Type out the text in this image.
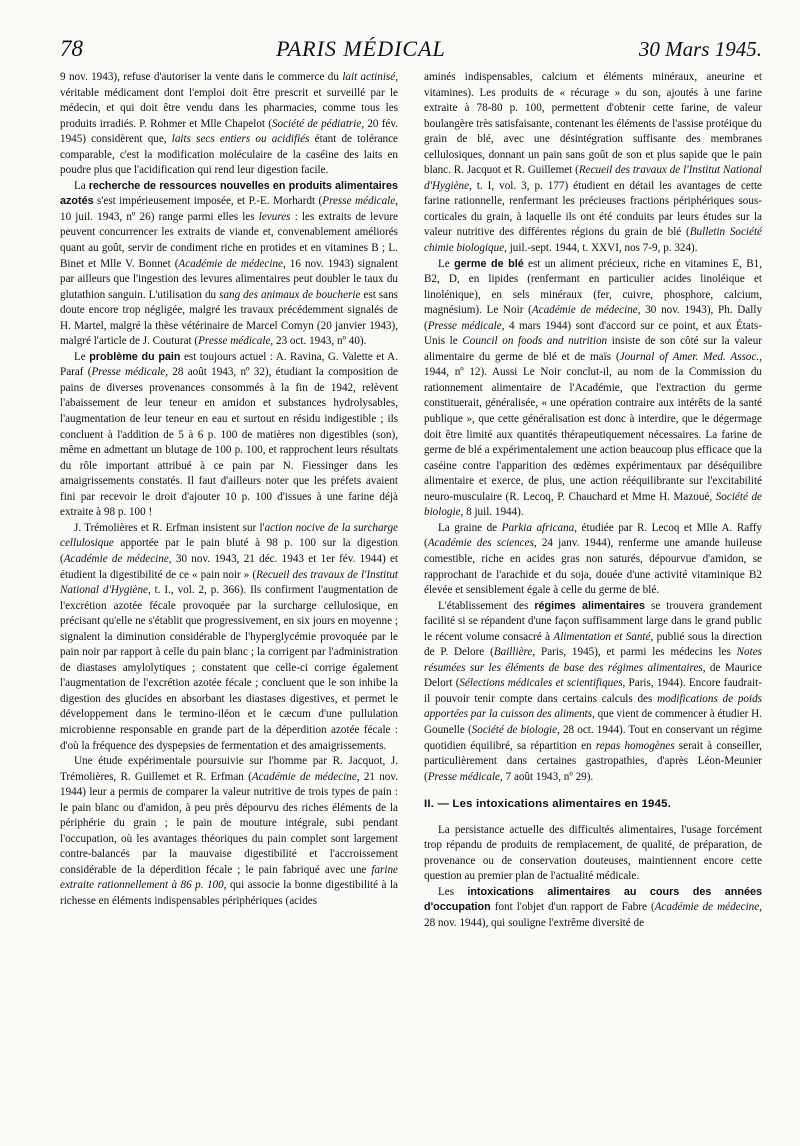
78	PARIS MÉDICAL	30 Mars 1945.

9 nov. 1943), refuse d'autoriser la vente dans le commerce du lait actinisé, véritable médicament dont l'emploi doit être prescrit et surveillé par le médecin, et qui doit être vendu dans les pharmacies, comme tous les produits irradiés. P. Rohmer et Mlle Chapelot (Société de pédiatrie, 20 fév. 1945) considèrent que, laits secs entiers ou acidifiés étant de tolérance comparable, c'est la modification moléculaire de la caséine des laits en poudre plus que l'acidification qui rend leur digestion facile.

La recherche de ressources nouvelles en produits alimentaires azotés s'est impérieusement imposée, et P.-E. Morhardt (Presse médicale, 10 juil. 1943, nº 26) range parmi elles les levures : les extraits de levure peuvent concurrencer les extraits de viande et, convenablement améliorés quant au goût, servir de condiment riche en protides et en vitamines B ; L. Binet et Mlle V. Bonnet (Académie de médecine, 16 nov. 1943) signalent par ailleurs que l'ingestion des levures alimentaires peut doubler le taux du glutathion sanguin. L'utilisation du sang des animaux de boucherie est sans doute encore trop négligée, malgré les travaux précédemment signalés de H. Martel, malgré la thèse vétérinaire de Marcel Comyn (20 janvier 1943), malgré l'article de J. Couturat (Presse médicale, 23 oct. 1943, nº 40).

Le problème du pain est toujours actuel : A. Ravina, G. Valette et A. Paraf (Presse médicale, 28 août 1943, nº 32), étudiant la composition de pains de diverses provenances consommés à la fin de 1942, relèvent l'abaissement de leur teneur en amidon et substances hydrolysables, l'augmentation de leur teneur en eau et surtout en résidu indigestible ; ils concluent à l'addition de 5 à 6 p. 100 de matières non digestibles (son), même en admettant un blutage de 100 p. 100, et rapprochent leurs résultats du rôle important attribué à ce pain par N. Fiessinger dans les amaigrissements constatés. Il faut d'ailleurs noter que les préfets avaient fini par recevoir le droit d'ajouter 10 p. 100 d'issues à une farine déjà extraite à 98 p. 100 !

J. Trémolières et R. Erfman insistent sur l'action nocive de la surcharge cellulosique apportée par le pain bluté à 98 p. 100 sur la digestion (Académie de médecine, 30 nov. 1943, 21 déc. 1943 et 1er fév. 1944) et étudient la digestibilité de ce « pain noir » (Recueil des travaux de l'Institut National d'Hygiène, t. I., vol. 2, p. 366). Ils confirment l'augmentation de l'excrétion azotée fécale provoquée par la surcharge cellulosique, en précisant qu'elle ne s'établit que progressivement, en six jours en moyenne ; signalent la diminution considérable de l'hyperglycémie provoquée par le pain noir par rapport à celle du pain blanc ; la corrigent par l'administration de diastases amylolytiques ; constatent que celle-ci corrige également l'augmentation de l'excrétion azotée fécale ; concluent que le son inhibe la digestion des glucides en absorbant les diastases digestives, et permet le développement dans le termino-iléon et le cæcum d'une pullulation microbienne responsable en grande part de la déperdition azotée fécale : d'où la fréquence des dyspepsies de fermentation et des amaigrissements.

Une étude expérimentale poursuivie sur l'homme par R. Jacquot, J. Trémolières, R. Guillemet et R. Erfman (Académie de médecine, 21 nov. 1944) leur a permis de comparer la valeur nutritive de trois types de pain : le pain blanc ou d'amidon, à peu près dépourvu des riches éléments de la périphérie du grain ; le pain de mouture intégrale, subi pendant l'occupation, où les avantages théoriques du pain complet sont largement contre-balancés par la mauvaise digestibilité et l'accroissement considérable de la déperdition fécale ; le pain fabriqué avec une farine extraite rationnellement à 86 p. 100, qui associe la bonne digestibilité à la richesse en éléments indispensables périphériques (acides

aminés indispensables, calcium et éléments minéraux, aneurine et vitamines). Les produits de « récurage » du son, ajoutés à une farine extraite à 78-80 p. 100, permettent d'obtenir cette farine, de valeur boulangère très satisfaisante, contenant les éléments de l'assise protéique du grain de blé, avec une désintégration suffisante des membranes cellulosiques, donnant un pain sans goût de son et plus sapide que le pain blanc. R. Jacquot et R. Guillemet (Recueil des travaux de l'Institut National d'Hygiène, t. I, vol. 3, p. 177) étudient en détail les avantages de cette farine rationnelle, renfermant les précieuses fractions périphériques sous-corticales du grain, à laquelle ils ont été conduits par leurs études sur la valeur nutritive des différentes régions du grain de blé (Bulletin Société chimie biologique, juil.-sept. 1944, t. XXVI, nos 7-9, p. 324).

Le germe de blé est un aliment précieux, riche en vitamines E, B1, B2, D, en lipides (renfermant en particulier acides linoléique et linolénique), en sels minéraux (fer, cuivre, phosphore, calcium, magnésium). Le Noir (Académie de médecine, 30 nov. 1943), Ph. Dally (Presse médicale, 4 mars 1944) sont d'accord sur ce point, et aux États-Unis le Council on foods and nutrition insiste de son côté sur la valeur alimentaire du germe de blé et de maïs (Journal of Amer. Med. Assoc., 1944, nº 12). Aussi Le Noir conclut-il, au nom de la Commission du rationnement alimentaire de l'Académie, que l'extraction du germe constituerait, généralisée, « une opération contraire aux intérêts de la santé publique », que cette généralisation est donc à interdire, que le dégermage doit être limité aux quantités thérapeutiquement nécessaires. La farine de germe de blé a expérimentalement une action beaucoup plus efficace que la caséine contre l'apparition des œdèmes expérimentaux par déséquilibre alimentaire et exerce, de plus, une action rééquilibrante sur l'excitabilité neuro-musculaire (R. Lecoq, P. Chauchard et Mme H. Mazoué, Société de biologie, 8 juil. 1944).

La graine de Parkia africana, étudiée par R. Lecoq et Mlle A. Raffy (Académie des sciences, 24 janv. 1944), renferme une amande huileuse comestible, riche en acides gras non saturés, dépourvue d'amidon, se rapprochant de l'arachide et du soja, douée d'une activité vitaminique B2 élevée et sensiblement égale à celle du germe de blé.

L'établissement des régimes alimentaires se trouvera grandement facilité si se répandent d'une façon suffisamment large dans le grand public le récent volume consacré à Alimentation et Santé, publié sous la direction de P. Delore (Baillière, Paris, 1945), et parmi les médecins les Notes résumées sur les éléments de base des régimes alimentaires, de Maurice Delort (Sélections médicales et scientifiques, Paris, 1944). Encore faudrait-il pouvoir tenir compte dans certains calculs des modifications de poids apportées par la cuisson des aliments, que vient de commencer à étudier H. Gounelle (Société de biologie, 28 oct. 1944). Tout en conservant un régime quotidien équilibré, sa répartition en repas homogènes serait à conseiller, particulièrement dans certaines gastropathies, d'après Léon-Meunier (Presse médicale, 7 août 1943, nº 29).

II. — Les intoxications alimentaires en 1945.

La persistance actuelle des difficultés alimentaires, l'usage forcément trop répandu de produits de remplacement, de qualité, de préparation, de provenance ou de conservation douteuses, maintiennent encore cette question au premier plan de l'actualité médicale.

Les intoxications alimentaires au cours des années d'occupation font l'objet d'un rapport de Fabre (Académie de médecine, 28 nov. 1944), qui souligne l'extrême diversité de
